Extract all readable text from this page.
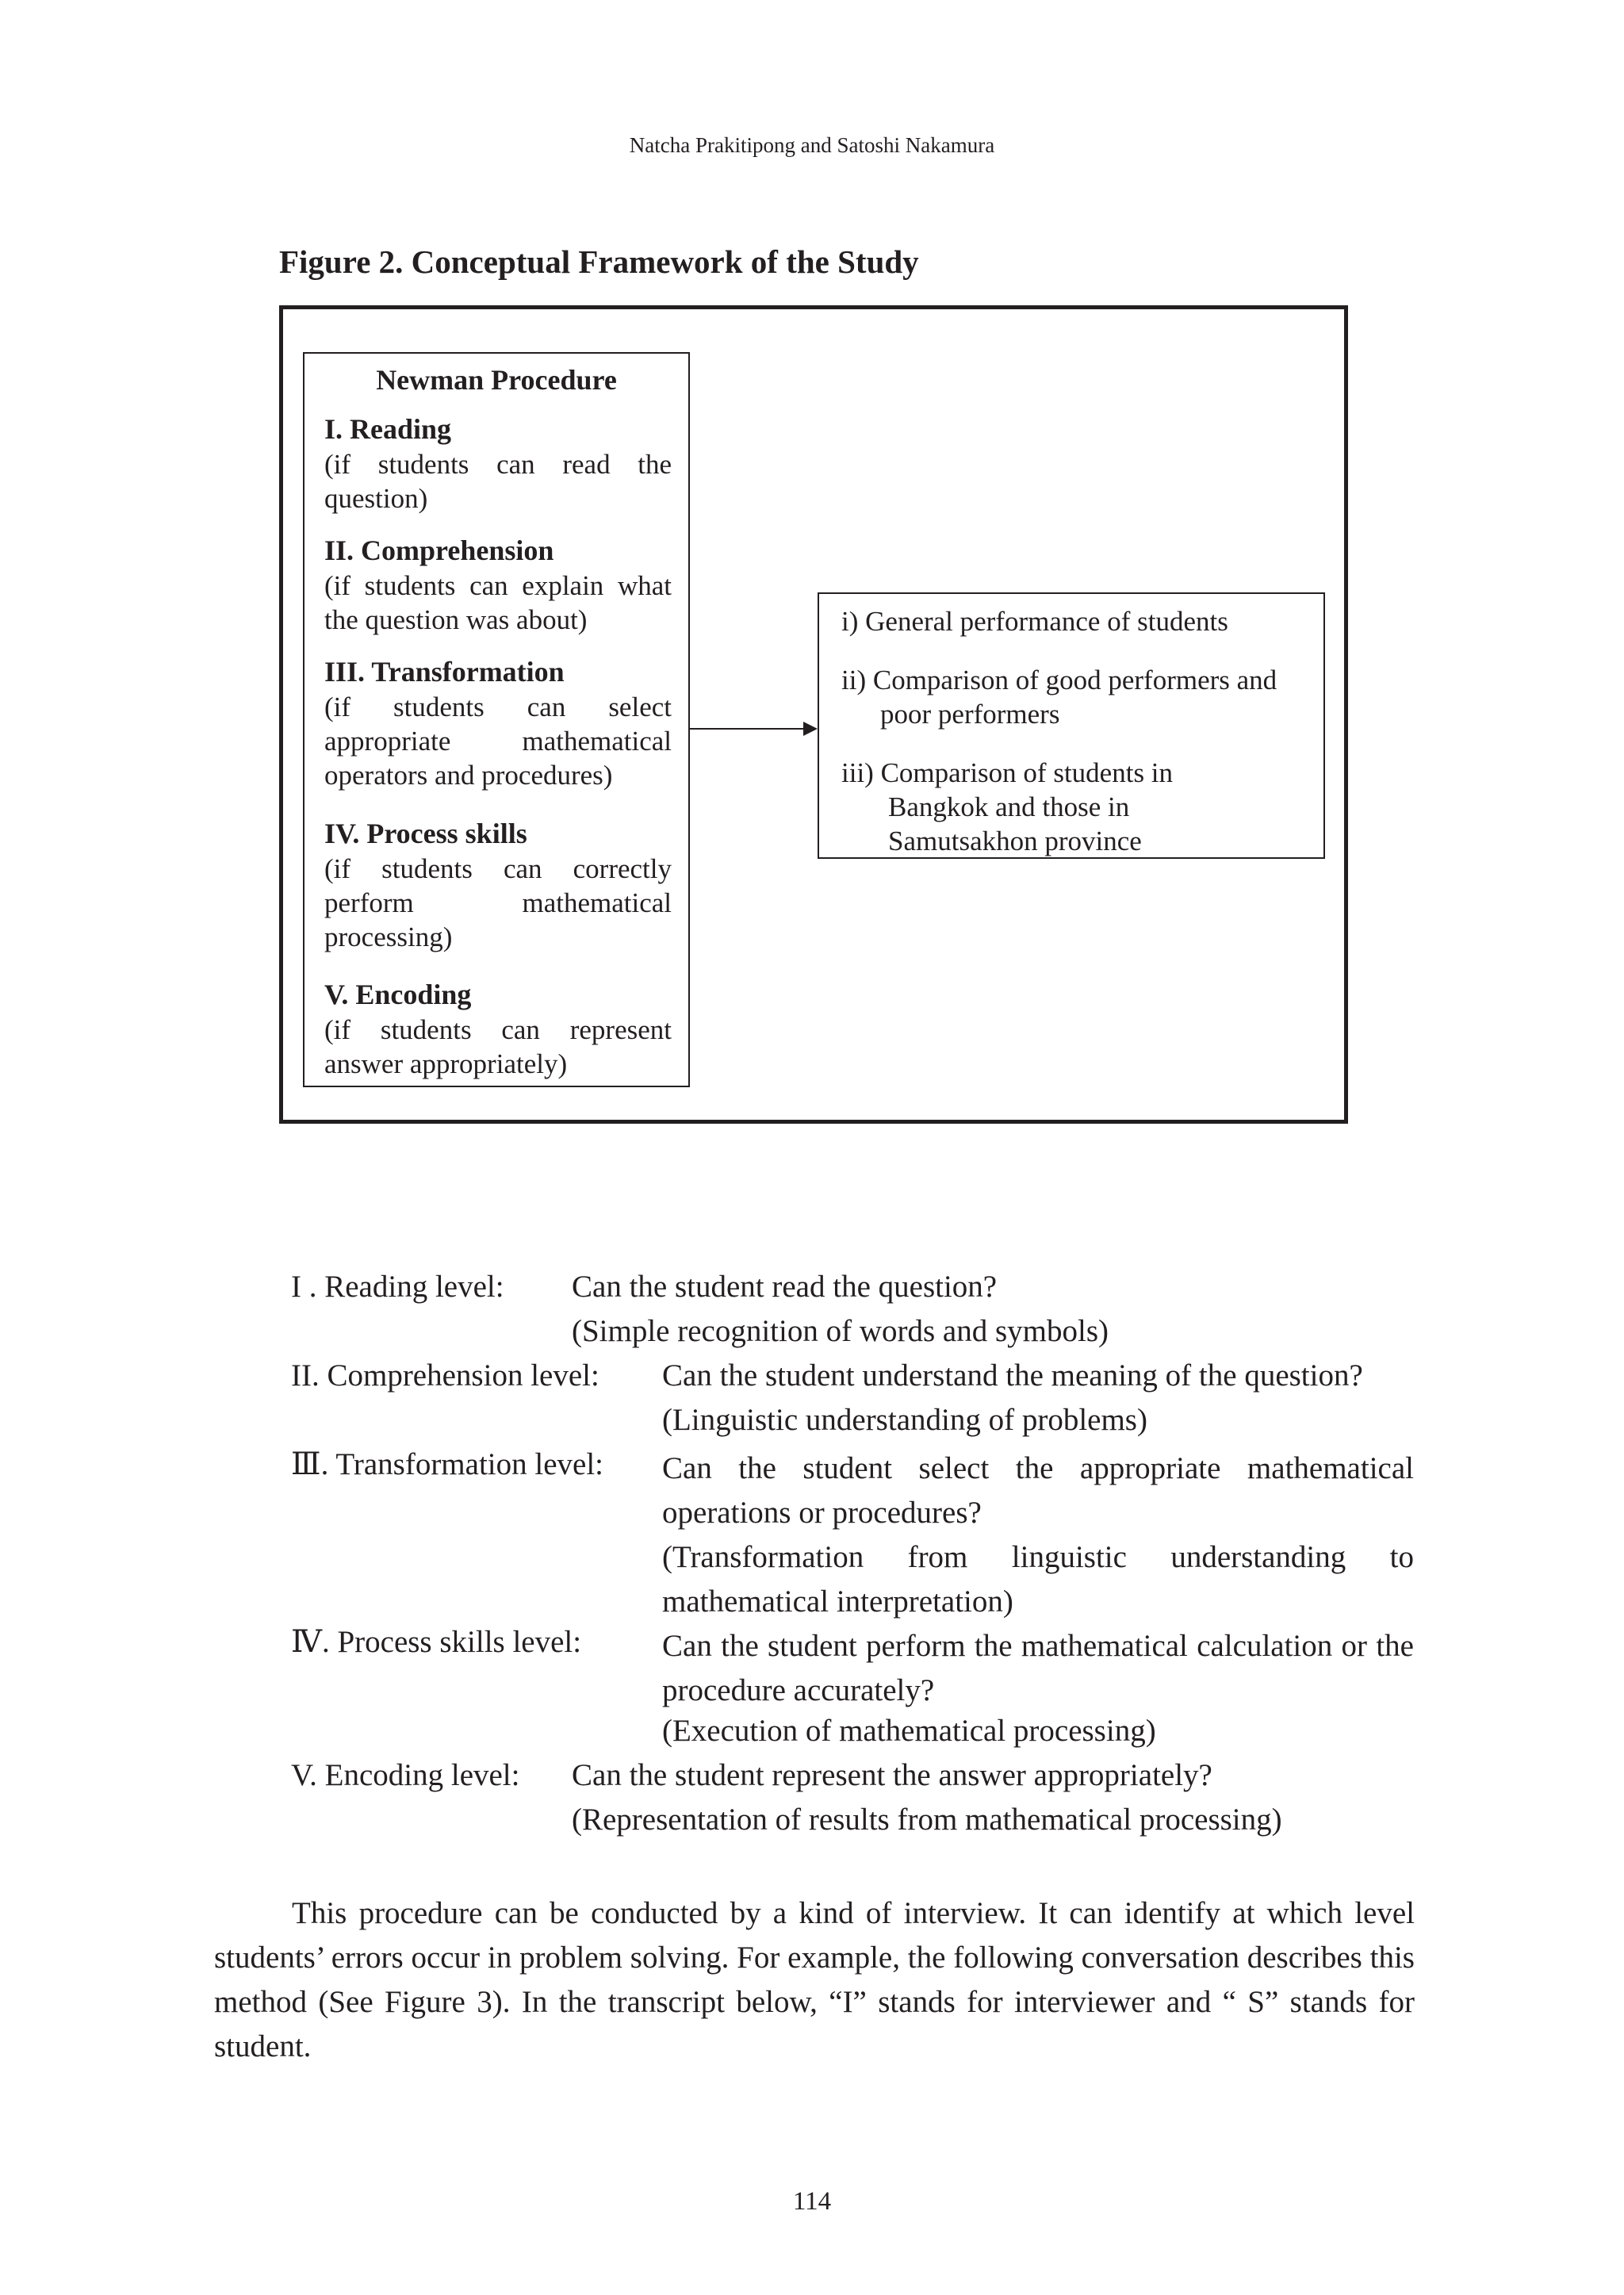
Natcha Prakitipong and Satoshi Nakamura
Figure 2. Conceptual Framework of the Study
Newman Procedure
I. Reading
(if students can read the question)
II. Comprehension
(if students can explain what the question was about)
III. Transformation
(if students can select appropriate mathematical operators and procedures)
IV. Process skills
(if students can correctly perform mathematical processing)
V. Encoding
(if students can represent answer appropriately)
i) General performance of students
ii) Comparison of good performers and
poor performers
iii) Comparison of students in
Bangkok and those in
Samutsakhon province
I . Reading level: Can the student read the question?
(Simple recognition of words and symbols)
II. Comprehension level: Can the student understand the meaning of the question?
(Linguistic understanding of problems)
Ⅲ. Transformation level: Can the student select the appropriate mathematical operations or procedures?
(Transformation from linguistic understanding to mathematical interpretation)
Ⅳ. Process skills level:	Can the student perform the mathematical calculation or the procedure accurately?
(Execution of mathematical processing)
V. Encoding level: Can the student represent the answer appropriately?
(Representation of results from mathematical processing)
This procedure can be conducted by a kind of interview. It can identify at which level students’ errors occur in problem solving. For example, the following conversation describes this method (See Figure 3). In the transcript below, “I” stands for interviewer and “ S” stands for student.
114
